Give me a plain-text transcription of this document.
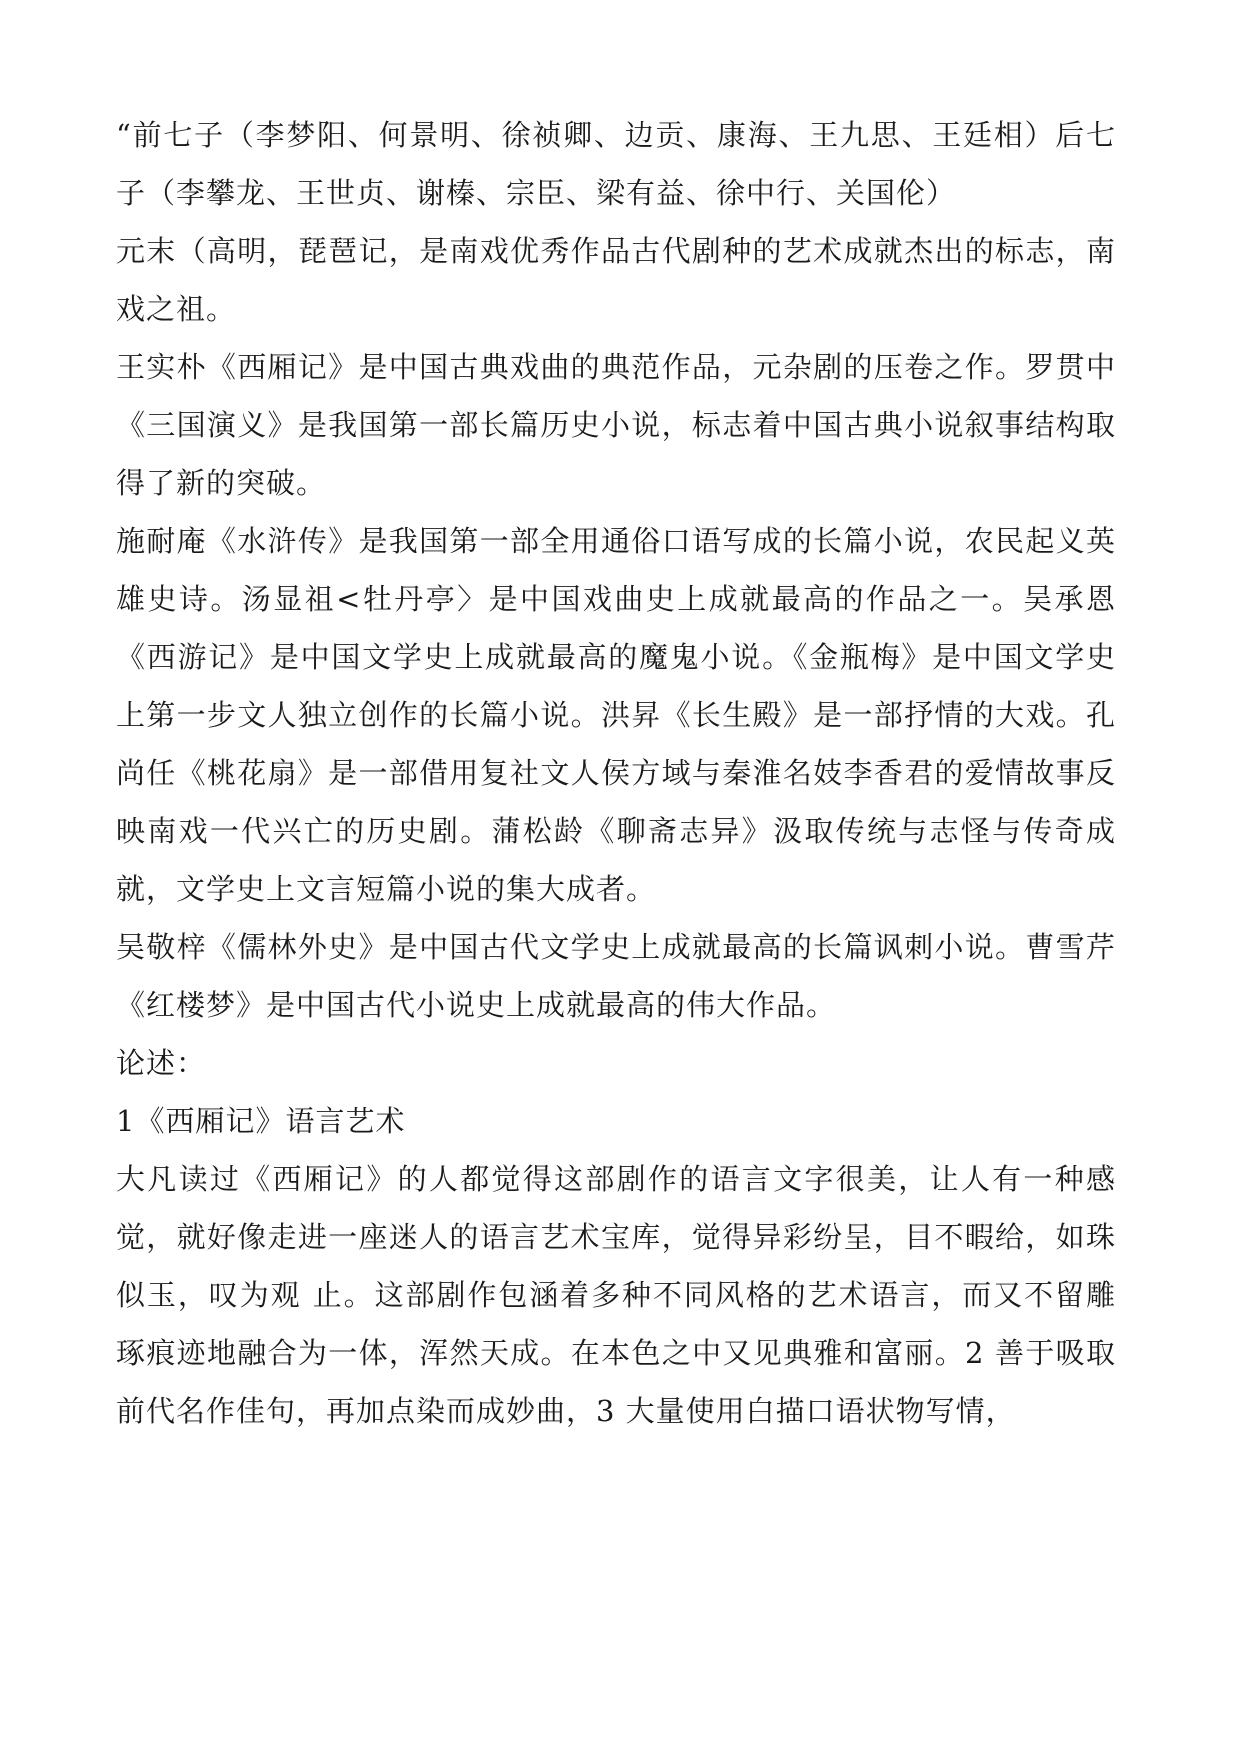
“前七子（李梦阳、何景明、徐祯卿、边贡、康海、王九思、王廷相）后七子（李攀龙、王世贞、谢榛、宗臣、梁有益、徐中行、关国伦）

元末（高明，琵琶记，是南戏优秀作品古代剧种的艺术成就杰出的标志，南戏之祖。

王实朴《西厢记》是中国古典戏曲的典范作品，元杂剧的压卷之作。罗贯中《三国演义》是我国第一部长篇历史小说，标志着中国古典小说叙事结构取得了新的突破。

施耐庵《水浒传》是我国第一部全用通俗口语写成的长篇小说，农民起义英雄史诗。汤显祖<牡丹亭〉是中国戏曲史上成就最高的作品之一。吴承恩《西游记》是中国文学史上成就最高的魔鬼小说。《金瓶梅》是中国文学史上第一步文人独立创作的长篇小说。洪昇《长生殿》是一部抒情的大戏。孔尚任《桃花扇》是一部借用复社文人侯方域与秦淮名妓李香君的爱情故事反映南戏一代兴亡的历史剧。蒲松龄《聊斋志异》汲取传统与志怪与传奇成就，文学史上文言短篇小说的集大成者。

吴敬梓《儒林外史》是中国古代文学史上成就最高的长篇讽刺小说。曹雪芹《红楼梦》是中国古代小说史上成就最高的伟大作品。

论述：

1《西厢记》语言艺术

大凡读过《西厢记》的人都觉得这部剧作的语言文字很美，让人有一种感觉，就好像走进一座迷人的语言艺术宝库，觉得异彩纷呈，目不暇给，如珠似玉，叹为观 止。这部剧作包涵着多种不同风格的艺术语言，而又不留雕琢痕迹地融合为一体，浑然天成。在本色之中又见典雅和富丽。2 善于吸取前代名作佳句，再加点染而成妙曲，3 大量使用白描口语状物写情，
